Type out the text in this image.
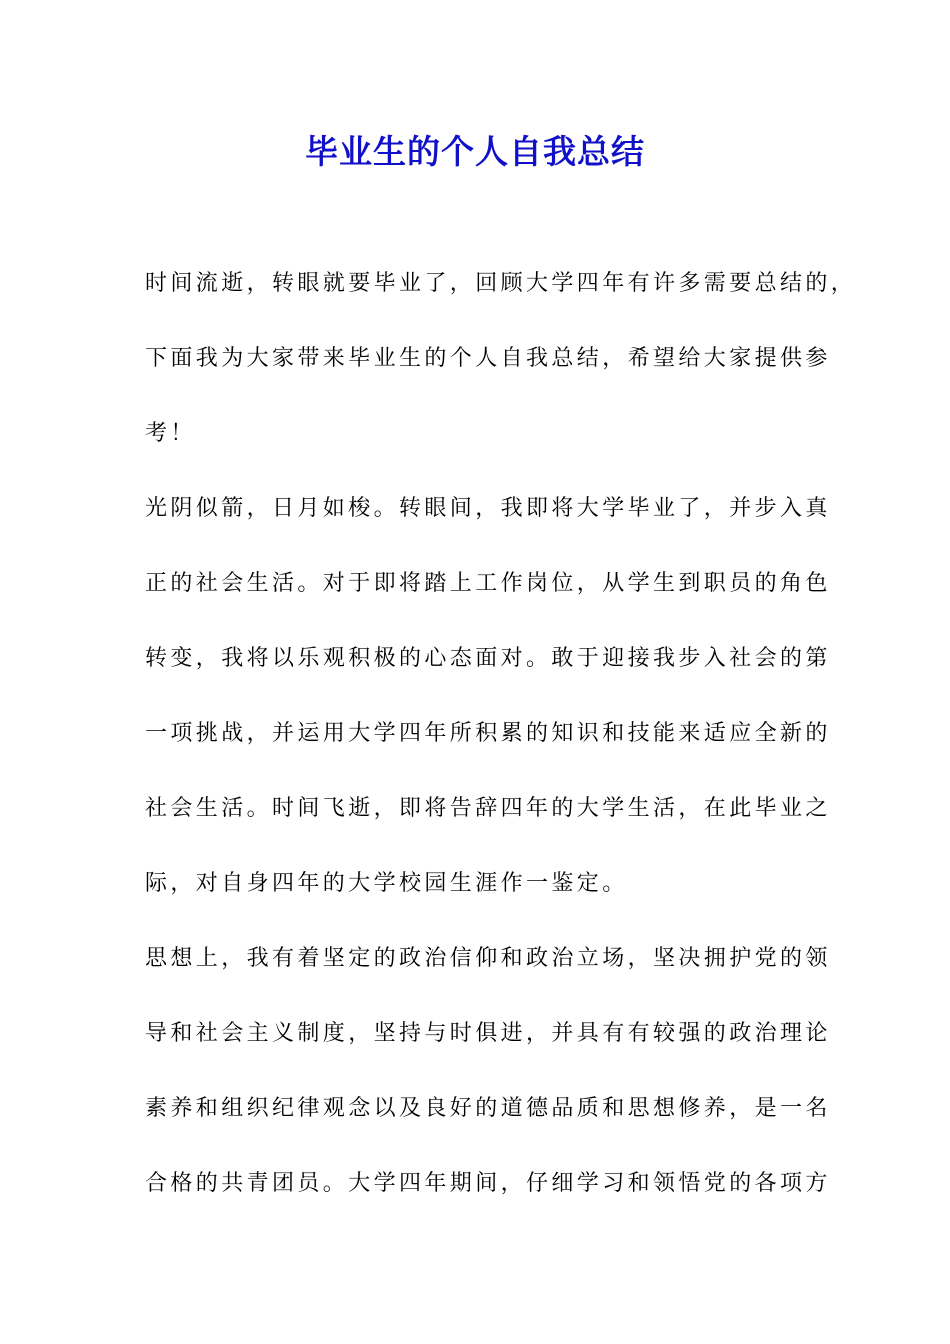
毕业生的个人自我总结
时间流逝，转眼就要毕业了，回顾大学四年有许多需要总结的，
下面我为大家带来毕业生的个人自我总结，希望给大家提供参
考！
光阴似箭，日月如梭。转眼间，我即将大学毕业了，并步入真
正的社会生活。对于即将踏上工作岗位，从学生到职员的角色
转变，我将以乐观积极的心态面对。敢于迎接我步入社会的第
一项挑战，并运用大学四年所积累的知识和技能来适应全新的
社会生活。时间飞逝，即将告辞四年的大学生活，在此毕业之
际，对自身四年的大学校园生涯作一鉴定。
思想上，我有着坚定的政治信仰和政治立场，坚决拥护党的领
导和社会主义制度，坚持与时俱进，并具有有较强的政治理论
素养和组织纪律观念以及良好的道德品质和思想修养，是一名
合格的共青团员。大学四年期间，仔细学习和领悟党的各项方
